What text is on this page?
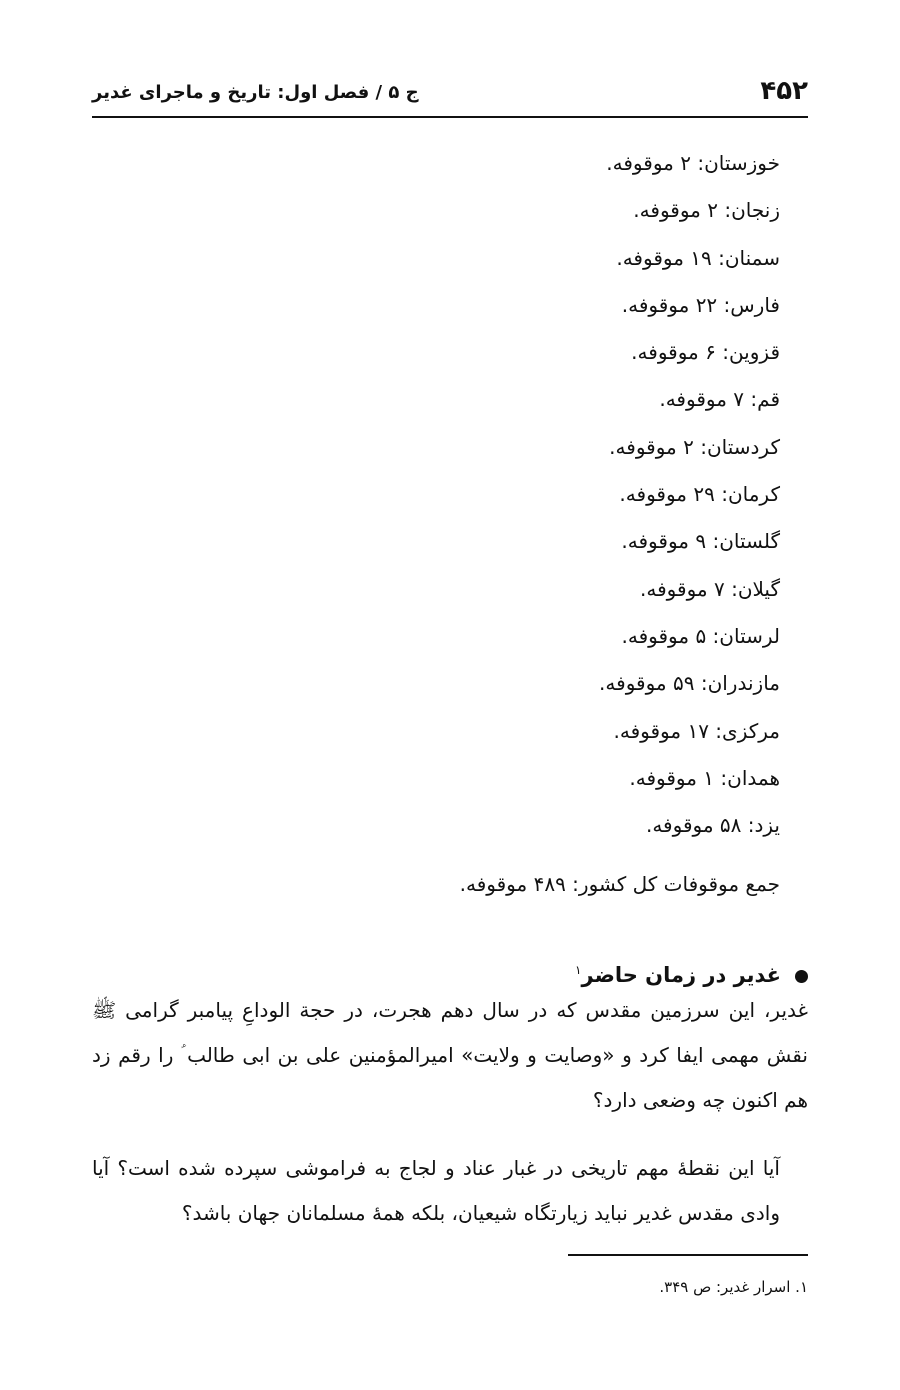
۴۵۲
ج ۵ / فصل اول: تاریخ و ماجرای غدیر
خوزستان: ۲ موقوفه.
زنجان: ۲ موقوفه.
سمنان: ۱۹ موقوفه.
فارس: ۲۲ موقوفه.
قزوین: ۶ موقوفه.
قم: ۷ موقوفه.
کردستان: ۲ موقوفه.
کرمان: ۲۹ موقوفه.
گلستان: ۹ موقوفه.
گیلان: ۷ موقوفه.
لرستان: ۵ موقوفه.
مازندران: ۵۹ موقوفه.
مرکزی: ۱۷ موقوفه.
همدان: ۱ موقوفه.
یزد: ۵۸ موقوفه.
جمع موقوفات کل کشور: ۴۸۹ موقوفه.
غدیر در زمان حاضر$^۱$

غدیر، این سرزمین مقدس که در سال دهم هجرت، در حجة الوداعِ پیامبر گرامی ﷺ نقش مهمی ایفا کرد و «وصایت و ولایت» امیرالمؤمنین علی بن ابی طالب ؑ را رقم زد هم اکنون چه وضعی دارد؟

آیا این نقطهٔ مهم تاریخی در غبار عناد و لجاج به فراموشی سپرده شده است؟ آیا وادی مقدس غدیر نباید زیارتگاه شیعیان، بلکه همهٔ مسلمانان جهان باشد؟

۱. اسرار غدیر: ص ۳۴۹.
